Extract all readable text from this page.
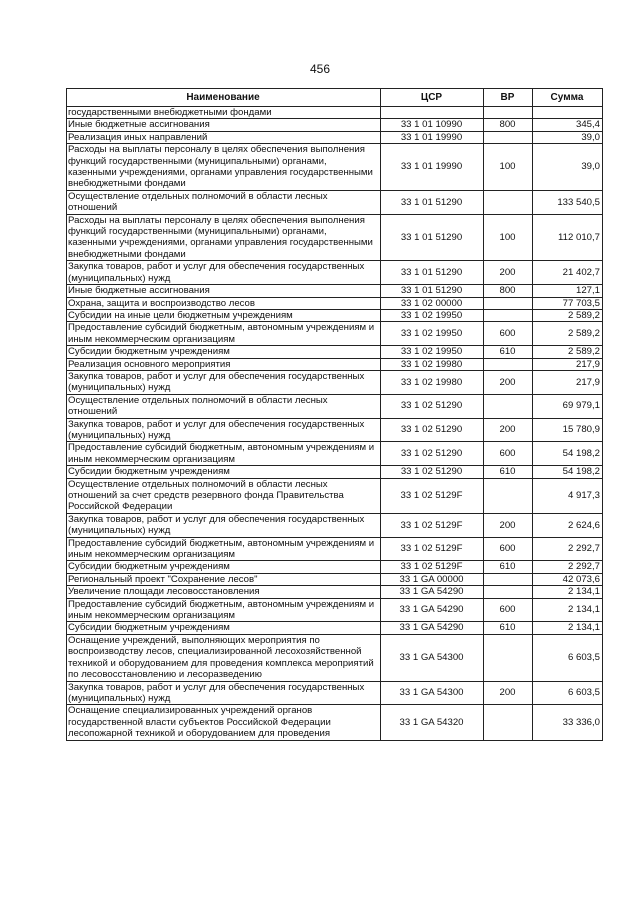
456
Наименование	ЦСР	ВР	Сумма
государственными внебюджетными фондами			
Иные бюджетные ассигнования	33 1 01 10990	800	345,4
Реализация иных направлений	33 1 01 19990		39,0
Расходы на выплаты персоналу в целях обеспечения выполнения функций государственными (муниципальными) органами, казенными учреждениями, органами управления государственными внебюджетными фондами	33 1 01 19990	100	39,0
Осуществление отдельных полномочий в области лесных отношений	33 1 01 51290		133 540,5
Расходы на выплаты персоналу в целях обеспечения выполнения функций государственными (муниципальными) органами, казенными учреждениями, органами управления государственными внебюджетными фондами	33 1 01 51290	100	112 010,7
Закупка товаров, работ и услуг для обеспечения государственных (муниципальных) нужд	33 1 01 51290	200	21 402,7
Иные бюджетные ассигнования	33 1 01 51290	800	127,1
Охрана, защита и воспроизводство лесов	33 1 02 00000		77 703,5
Субсидии на иные цели бюджетным учреждениям	33 1 02 19950		2 589,2
Предоставление субсидий бюджетным, автономным учреждениям и иным некоммерческим организациям	33 1 02 19950	600	2 589,2
Субсидии бюджетным учреждениям	33 1 02 19950	610	2 589,2
Реализация основного мероприятия	33 1 02 19980		217,9
Закупка товаров, работ и услуг для обеспечения государственных (муниципальных) нужд	33 1 02 19980	200	217,9
Осуществление отдельных полномочий в области лесных отношений	33 1 02 51290		69 979,1
Закупка товаров, работ и услуг для обеспечения государственных (муниципальных) нужд	33 1 02 51290	200	15 780,9
Предоставление субсидий бюджетным, автономным учреждениям и иным некоммерческим организациям	33 1 02 51290	600	54 198,2
Субсидии бюджетным учреждениям	33 1 02 51290	610	54 198,2
Осуществление отдельных полномочий в области лесных отношений за счет средств резервного фонда Правительства Российской Федерации	33 1 02 5129F		4 917,3
Закупка товаров, работ и услуг для обеспечения государственных (муниципальных) нужд	33 1 02 5129F	200	2 624,6
Предоставление субсидий бюджетным, автономным учреждениям и иным некоммерческим организациям	33 1 02 5129F	600	2 292,7
Субсидии бюджетным учреждениям	33 1 02 5129F	610	2 292,7
Региональный проект "Сохранение лесов"	33 1 GA 00000		42 073,6
Увеличение площади лесовосстановления	33 1 GA 54290		2 134,1
Предоставление субсидий бюджетным, автономным учреждениям и иным некоммерческим организациям	33 1 GA 54290	600	2 134,1
Субсидии бюджетным учреждениям	33 1 GA 54290	610	2 134,1
Оснащение учреждений, выполняющих мероприятия по воспроизводству лесов, специализированной лесохозяйственной техникой и оборудованием для проведения комплекса мероприятий по лесовосстановлению и лесоразведению	33 1 GA 54300		6 603,5
Закупка товаров, работ и услуг для обеспечения государственных (муниципальных) нужд	33 1 GA 54300	200	6 603,5
Оснащение специализированных учреждений органов государственной власти субъектов Российской Федерации лесопожарной техникой и оборудованием для проведения	33 1 GA 54320		33 336,0
